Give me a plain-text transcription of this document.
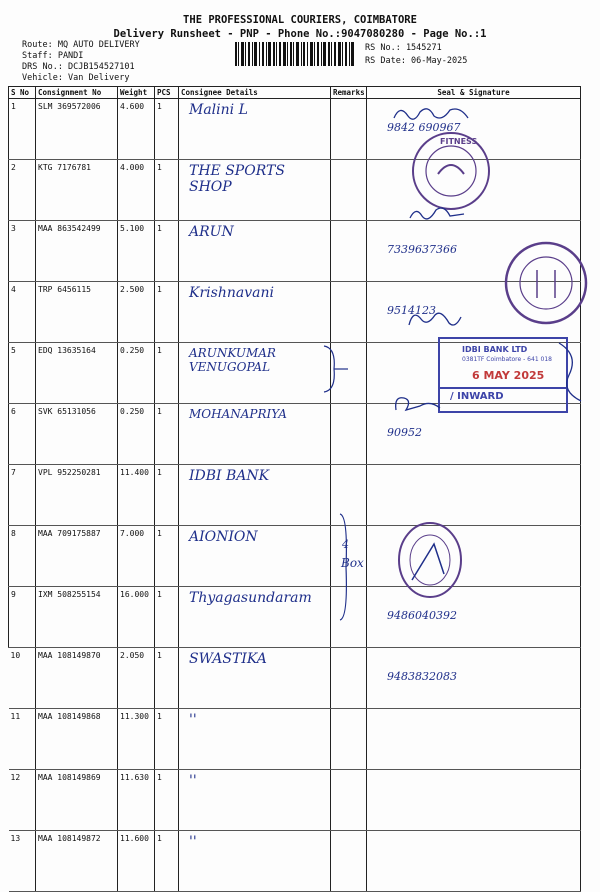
THE PROFESSIONAL COURIERS, COIMBATORE
Delivery Runsheet - PNP - Phone No.:9047080280 - Page No.:1
Route: MQ AUTO DELIVERY
Staff: PANDI
DRS No.: DCJB154527101
Vehicle: Van Delivery
RS No.: 1545271
RS Date: 06-May-2025
S No	Consignment No	Weight	PCS	Consignee Details	Remarks	Seal & Signature
1	SLM 369572006	4.600	1	Malini L		9842 690967
2	KTG 7176781	4.000	1	THE SPORTS SHOP		
3	MAA 863542499	5.100	1	ARUN		7339637366
4	TRP 6456115	2.500	1	Krishnavani		9514123
5	EDQ 13635164	0.250	1	ARUNKUMAR VENUGOPAL		
6	SVK 65131056	0.250	1	MOHANAPRIYA		90952
7	VPL 952250281	11.400	1	IDBI BANK		
8	MAA 709175887	7.000	1	AIONION		
9	IXM 508255154	16.000	1	Thyagasundaram		9486040392
10	MAA 108149870	2.050	1	SWASTIKA		9483832083
11	MAA 108149868	11.300	1	''		
12	MAA 108149869	11.630	1	''		
13	MAA 108149872	11.600	1	''		
4
Box
FITNESS
IDBI BANK LTD
0381TF Coimbatore - 641 018
6 MAY 2025
/ INWARD
